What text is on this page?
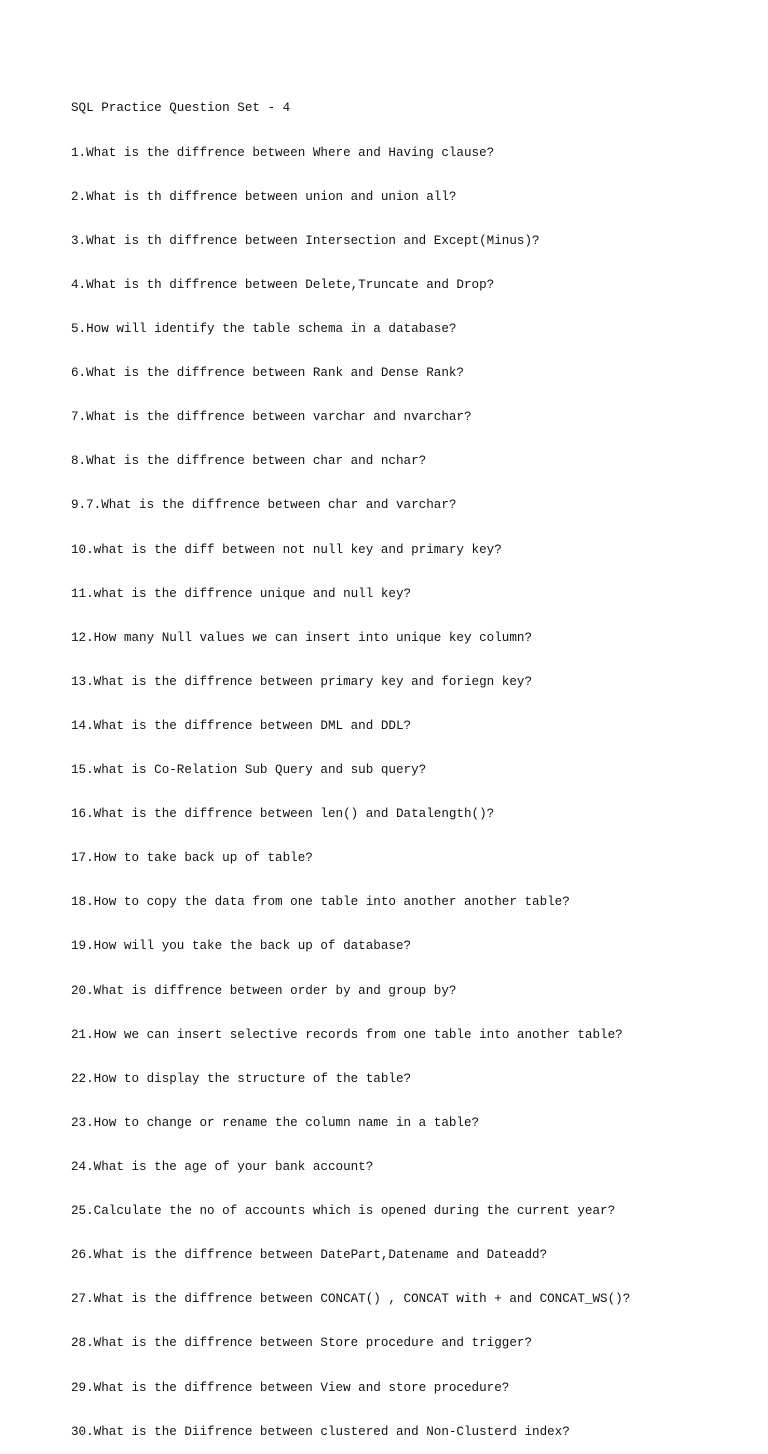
SQL Practice Question Set - 4

1.What is the diffrence between Where and Having clause?

2.What is th diffrence between union and union all?

3.What is th diffrence between Intersection and Except(Minus)?

4.What is th diffrence between Delete,Truncate and Drop?

5.How will identify the table schema in a database?

6.What is the diffrence between Rank and Dense Rank?

7.What is the diffrence between varchar and nvarchar?

8.What is the diffrence between char and nchar?

9.7.What is the diffrence between char and varchar?

10.what is the diff between not null key and primary key?

11.what is the diffrence unique and null key?

12.How many Null values we can insert into unique key column?

13.What is the diffrence between primary key and foriegn key?

14.What is the diffrence between DML and DDL?

15.what is Co-Relation Sub Query and sub query?

16.What is the diffrence between len() and Datalength()?

17.How to take back up of table?

18.How to copy the data from one table into another another table?

19.How will you take the back up of database?

20.What is diffrence between order by and group by?

21.How we can insert selective records from one table into another table?

22.How to display the structure of the table?

23.How to change or rename the column name in a table?

24.What is the age of your bank account?

25.Calculate the no of accounts which is opened during the current year?

26.What is the diffrence between DatePart,Datename and Dateadd?

27.What is the diffrence between CONCAT() , CONCAT with + and CONCAT_WS()?

28.What is the diffrence between Store procedure and trigger?

29.What is the diffrence between View and store procedure?

30.What is the Diifrence between clustered and Non-Clusterd index?
